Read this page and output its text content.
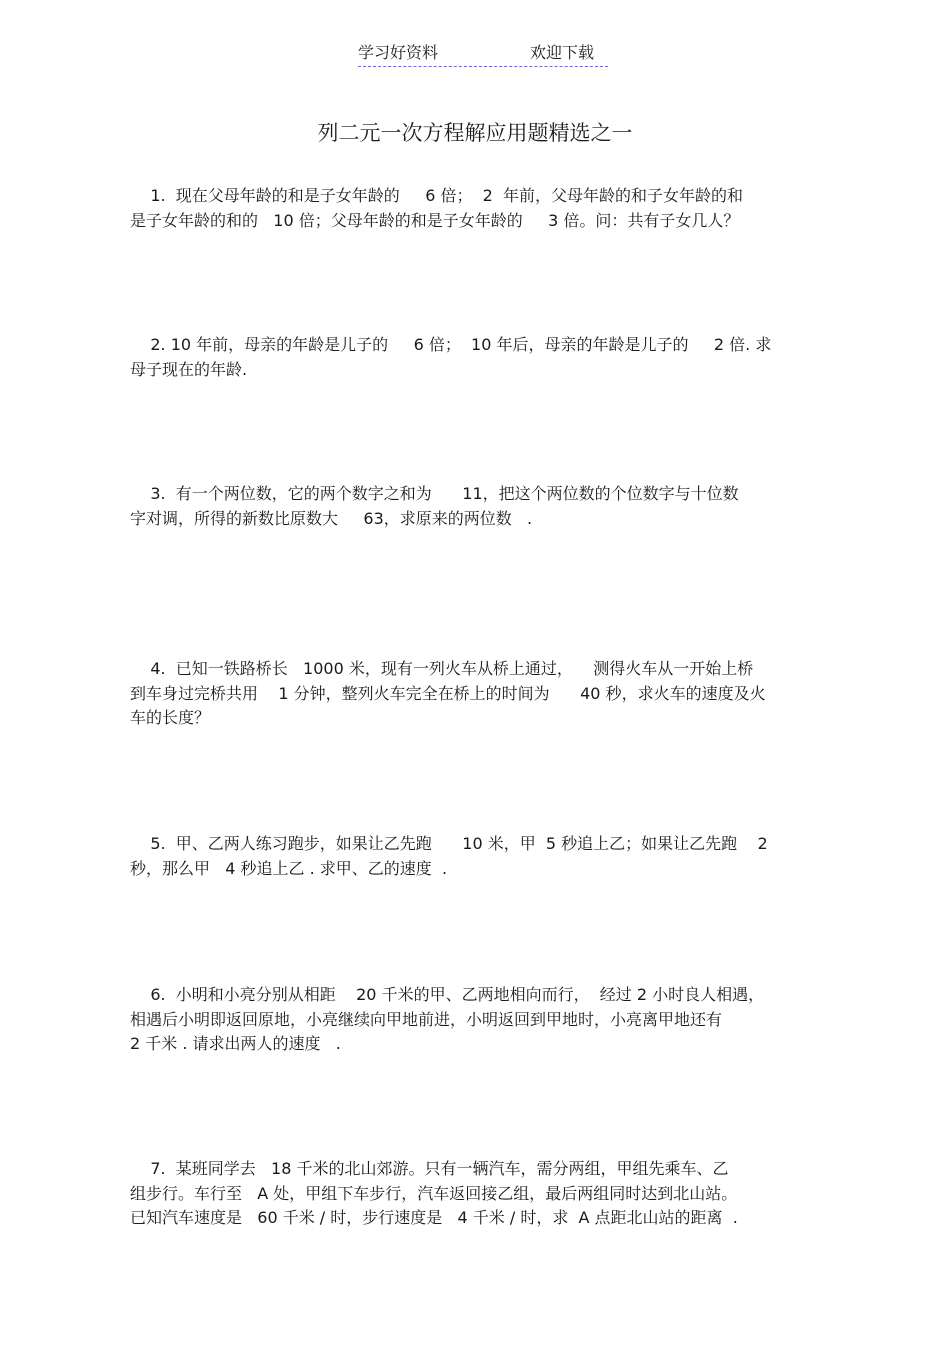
学习好资料	欢迎下载
列二元一次方程解应用题精选之一
1.  现在父母年龄的和是子女年龄的     6 倍；  2  年前，父母年龄的和子女年龄的和
是子女年龄的和的   10 倍；父母年龄的和是子女年龄的     3 倍。问：共有子女几人？
2. 10 年前，母亲的年龄是儿子的     6 倍；  10 年后，母亲的年龄是儿子的     2 倍. 求
母子现在的年龄.
3.  有一个两位数，它的两个数字之和为      11，把这个两位数的个位数字与十位数
字对调，所得的新数比原数大     63，求原来的两位数   .
4.  已知一铁路桥长   1000 米，现有一列火车从桥上通过，    测得火车从一开始上桥
到车身过完桥共用    1 分钟，整列火车完全在桥上的时间为      40 秒，求火车的速度及火
车的长度？
5.  甲、乙两人练习跑步，如果让乙先跑      10 米，甲  5 秒追上乙；如果让乙先跑    2
秒，那么甲   4 秒追上乙 . 求甲、乙的速度  .
6.  小明和小亮分别从相距    20 千米的甲、乙两地相向而行，  经过 2 小时良人相遇，
相遇后小明即返回原地，小亮继续向甲地前进，小明返回到甲地时，小亮离甲地还有
2 千米 . 请求出两人的速度   .
7.  某班同学去   18 千米的北山郊游。只有一辆汽车，需分两组，甲组先乘车、乙
组步行。车行至   A 处，甲组下车步行，汽车返回接乙组，最后两组同时达到北山站。
已知汽车速度是   60 千米 / 时，步行速度是   4 千米 / 时，求  A 点距北山站的距离  .
